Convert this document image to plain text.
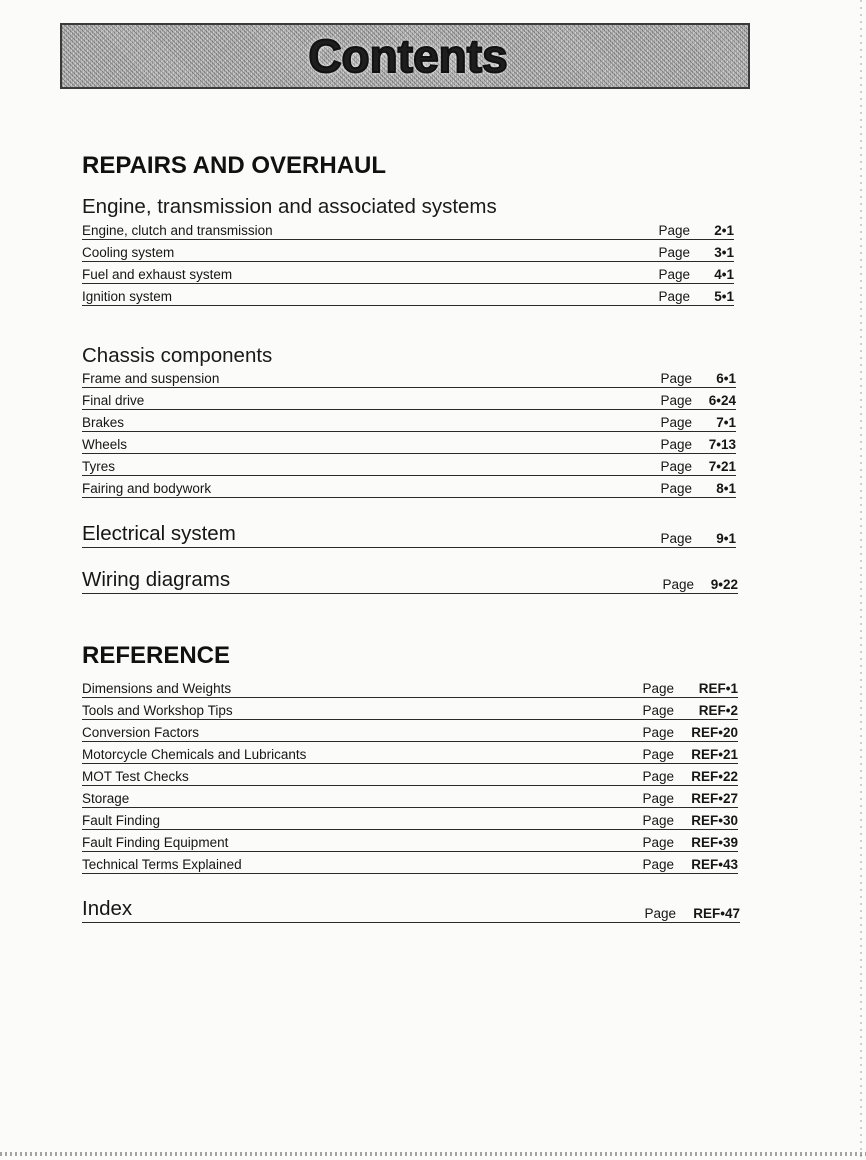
Contents
REPAIRS AND OVERHAUL
Engine, transmission and associated systems
Engine, clutch and transmission	Page	2•1
Cooling system	Page	3•1
Fuel and exhaust system	Page	4•1
Ignition system	Page	5•1
Chassis components
Frame and suspension	Page	6•1
Final drive	Page	6•24
Brakes	Page	7•1
Wheels	Page	7•13
Tyres	Page	7•21
Fairing and bodywork	Page	8•1
Electrical system	Page	9•1
Wiring diagrams	Page	9•22
REFERENCE
Dimensions and Weights	Page	REF•1
Tools and Workshop Tips	Page	REF•2
Conversion Factors	Page	REF•20
Motorcycle Chemicals and Lubricants	Page	REF•21
MOT Test Checks	Page	REF•22
Storage	Page	REF•27
Fault Finding	Page	REF•30
Fault Finding Equipment	Page	REF•39
Technical Terms Explained	Page	REF•43
Index	Page	REF•47
